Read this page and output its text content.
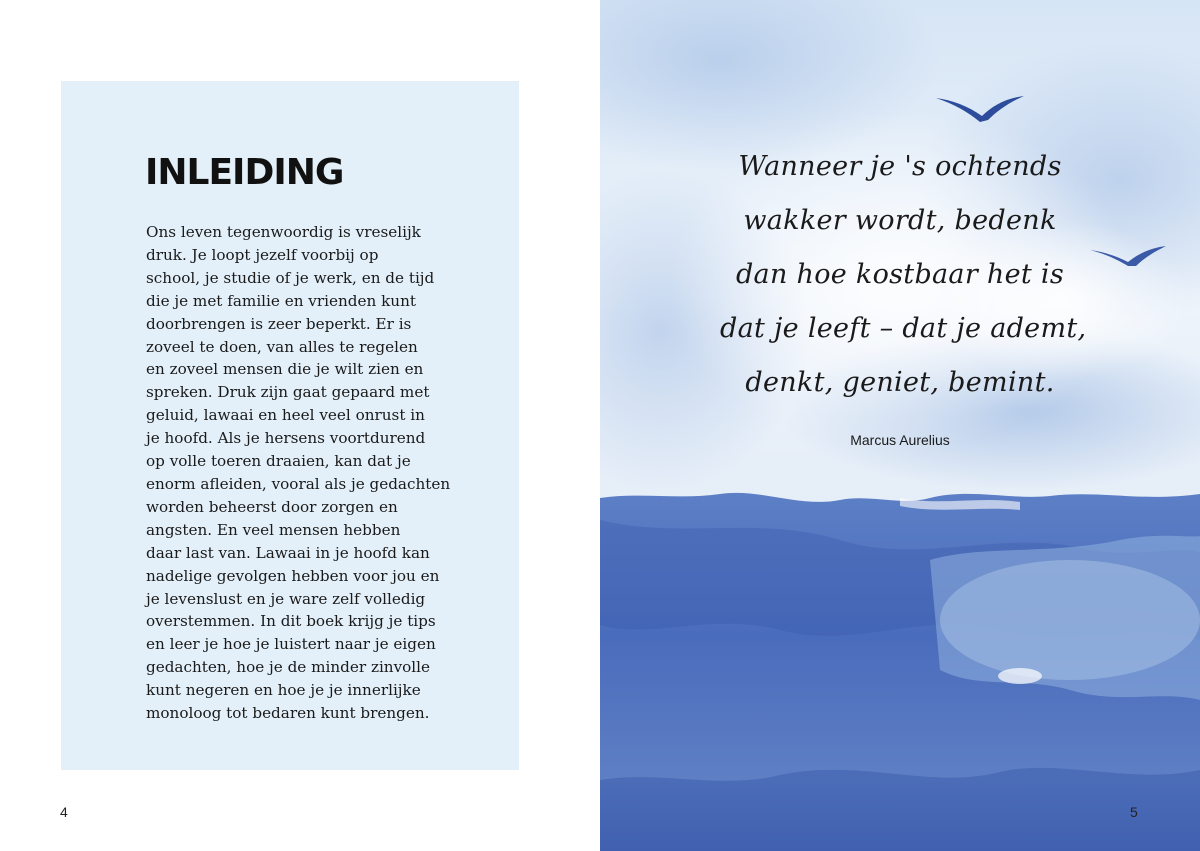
INLEIDING

Ons leven tegenwoordig is vreselijk
druk. Je loopt jezelf voorbij op
school, je studie of je werk, en de tijd
die je met familie en vrienden kunt
doorbrengen is zeer beperkt. Er is
zoveel te doen, van alles te regelen
en zoveel mensen die je wilt zien en
spreken. Druk zijn gaat gepaard met
geluid, lawaai en heel veel onrust in
je hoofd. Als je hersens voortdurend
op volle toeren draaien, kan dat je
enorm afleiden, vooral als je gedachten
worden beheerst door zorgen en
angsten. En veel mensen hebben
daar last van. Lawaai in je hoofd kan
nadelige gevolgen hebben voor jou en
je levenslust en je ware zelf volledig
overstemmen. In dit boek krijg je tips
en leer je hoe je luistert naar je eigen
gedachten, hoe je de minder zinvolle
kunt negeren en hoe je je innerlijke
monoloog tot bedaren kunt brengen.

4

Wanneer je 's ochtends
wakker wordt, bedenk
dan hoe kostbaar het is
dat je leeft – dat je ademt,
denkt, geniet, bemint.

Marcus Aurelius
5
